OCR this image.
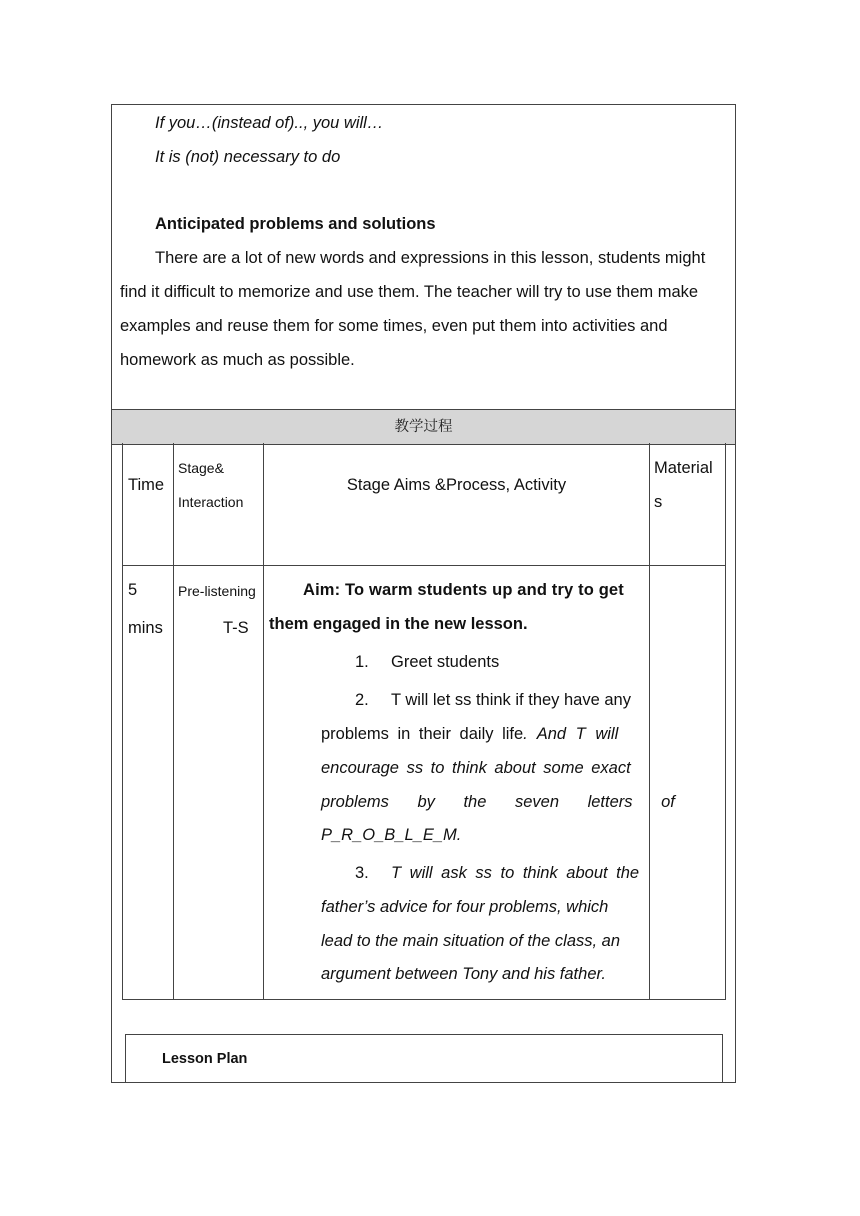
If you…(instead of).., you will…
It is (not) necessary to do
Anticipated problems and solutions
There are a lot of new words and expressions in this lesson, students might
find it difficult to memorize and use them. The teacher will try to use them make
examples and reuse them for some times, even put them into activities and
homework as much as possible.
教学过程
Time
Stage&
Interaction
Stage Aims &Process, Activity
Material
s
5
mins
Pre-listening
T-S
Aim: To warm students up and try to get
them engaged in the new lesson.
1. Greet students
2. T will let ss think if they have any
problems in their daily life. And T will
encourage ss to think about some exact
problems by the seven letters of
P_R_O_B_L_E_M.
3. T will ask ss to think about the
father’s advice for four problems, which
lead to the main situation of the class, an
argument between Tony and his father.
Lesson Plan
